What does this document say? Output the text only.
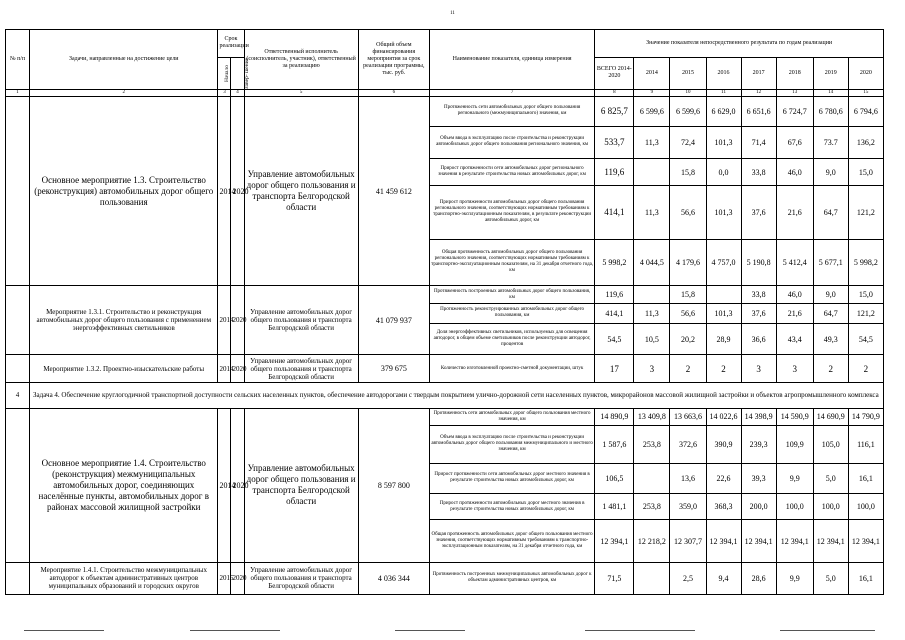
11
№ п/п	Задачи, направленные на достижение цели	Срок реализации		Ответственный исполнитель (соисполнитель, участник), ответственный за реализацию	Общий объем финансирования мероприятия за срок реализации программы, тыс. руб.	Наименование показателя, единица измерения	Значение показателя непосредственного результата по годам реализации							
		Начало	Завер- шение				ВСЕГО 2014-2020	2014	2015	2016	2017	2018	2019	2020
1	2	3	4	5	6	7	8	9	10	11	12	13	14	15
	Основное мероприятие 1.3. Строительство (реконструкция) автомобильных дорог общего пользования	2014	2020	Управление автомобильных дорог общего пользования и транспорта Белгородской области	41 459 612	Протяженность сети автомобильных дорог общего пользования регионального (межмуниципального) значения, км	6 825,7	6 599,6	6 599,6	6 629,0	6 651,6	6 724,7	6 780,6	6 794,6
						Объем ввода в эксплуатацию после строительства и реконструкции автомобильных дорог общего пользования регионального значения, км	533,7	11,3	72,4	101,3	71,4	67,6	73.7	136,2
						Прирост протяженности сети автомобильных дорог регионального значения в результате строительства новых автомобильных дорог, км	119,6		15,8	0,0	33,8	46,0	9,0	15,0
						Прирост протяженности автомобильных дорог общего пользования регионального значения, соответствующих нормативным требованиям к транспортно-эксплуатационным показателям, в результате реконструкции автомобильных дорог, км	414,1	11,3	56,6	101,3	37,6	21,6	64,7	121,2
						Общая протяженность автомобильных дорог общего пользования регионального значения, соответствующих нормативным требованиям к транспортно-эксплуатационным показателям, на 31 декабря отчетного года, км	5 998,2	4 044,5	4 179,6	4 757,0	5 190,8	5 412,4	5 677,1	5 998,2
	Мероприятие 1.3.1. Строительство и реконструкция автомобильных дорог общего пользования с применением энергоэффективных светильников	2014	2020	Управление автомобильных дорог общего пользования и транспорта Белгородской области	41 079 937	Протяженность построенных автомобильных дорог общего пользования, км	119,6		15,8		33,8	46,0	9,0	15,0
						Протяженность реконструированных автомобильных дорог общего пользования, км	414,1	11,3	56,6	101,3	37,6	21,6	64,7	121,2
						Доля энергоэффективных светильников, используемых для освещения автодорог, в общем объеме светильников после реконструкции автодорог, процентов	54,5	10,5	20,2	28,9	36,6	43,4	49,3	54,5
	Мероприятие 1.3.2. Проектно-изыскательские работы	2014	2020	Управление автомобильных дорог общего пользования и транспорта Белгородской области	379 675	Количество изготовленной проектно-сметной документации, штук	17	3	2	2	3	3	2	2
4	Задача 4. Обеспечение круглогодичной транспортной доступности сельских населенных пунктов, обеспечение автодорогами с твердым покрытием улично-дорожной сети населенных пунктов, микрорайонов массовой жилищной застройки и объектов агропромышленного комплекса													
	Основное мероприятие 1.4. Строительство (реконструкция) межмуниципальных автомобильных дорог, соединяющих населённые пункты, автомобильных дорог в районах массовой жилищной застройки	2014	2020	Управление автомобильных дорог общего пользования и транспорта Белгородской области	8 597 800	Протяженность сети автомобильных дорог общего пользования местного значения, км	14 890,9	13 409,8	13 663,6	14 022,6	14 398,9	14 590,9	14 690,9	14 790,9
						Объем ввода в эксплуатацию после строительства и реконструкции автомобильных дорог общего пользования межмуниципального и местного значения, км	1 587,6	253,8	372,6	390,9	239,3	109,9	105,0	116,1
						Прирост протяженности сети автомобильных дорог местного значения в результате строительства новых автомобильных дорог, км	106,5		13,6	22,6	39,3	9,9	5,0	16,1
						Прирост протяженности автомобильных дорог местного значения в результате строительства новых автомобильных дорог, км	1 481,1	253,8	359,0	368,3	200,0	100,0	100,0	100,0
						Общая протяженность автомобильных дорог общего пользования местного значения, соответствующих нормативным требованиям к транспортно-эксплуатационным показателям, на 31 декабря отчетного года, км	12 394,1	12 218,2	12 307,7	12 394,1	12 394,1	12 394,1	12 394,1	12 394,1
	Мероприятие 1.4.1. Строительство межмуниципальных автодорог к объектам административных центров муниципальных образований и городских округов	2015	2020	Управление автомобильных дорог общего пользования и транспорта Белгородской области	4 036 344	Протяженность построенных межмуниципальных автомобильных дорог к объектам административных центров, км	71,5		2,5	9,4	28,6	9,9	5,0	16,1
